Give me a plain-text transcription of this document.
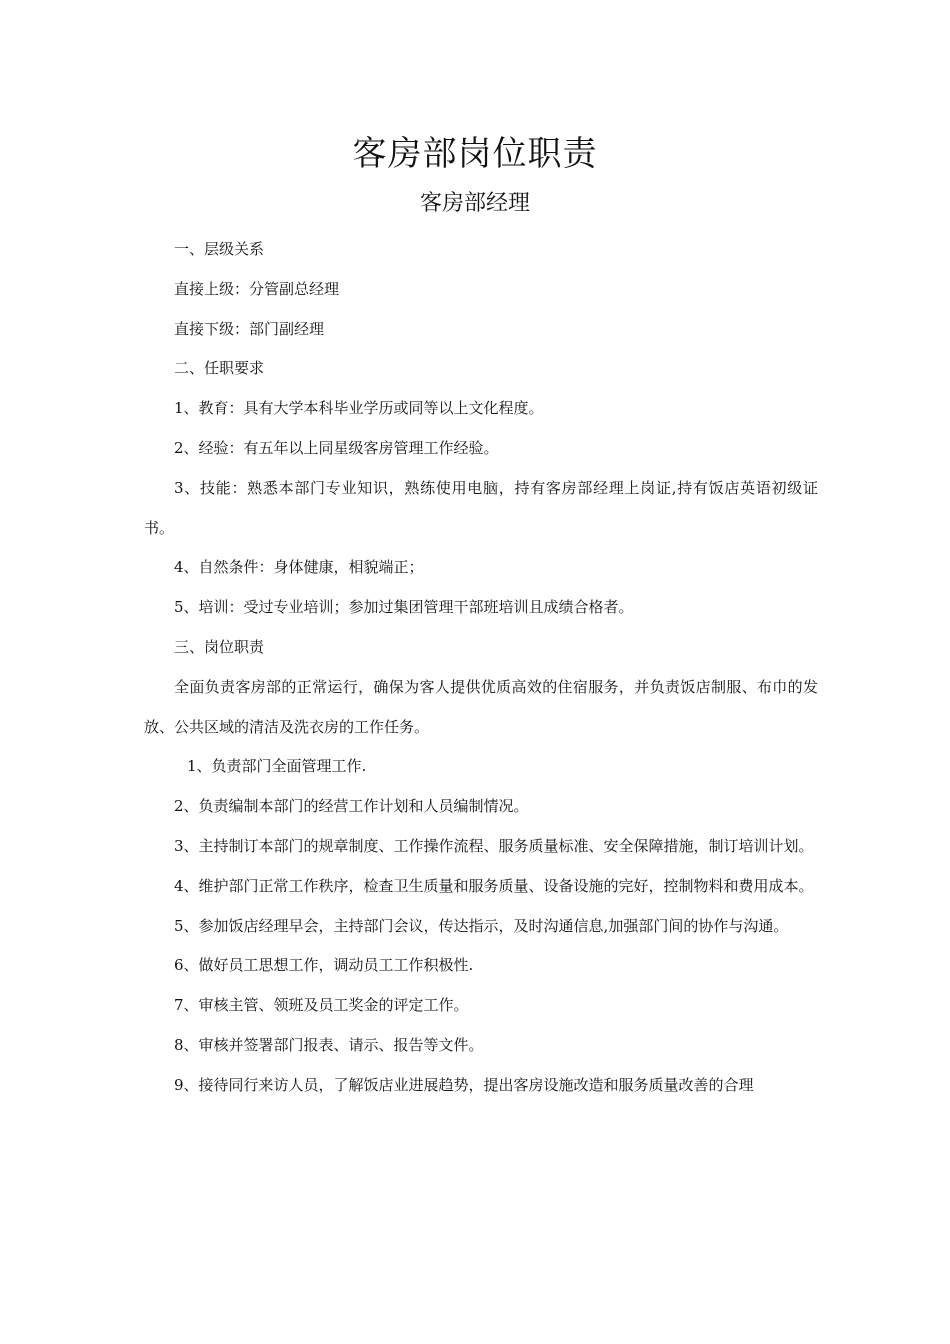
客房部岗位职责
客房部经理

一、层级关系

直接上级：分管副总经理

直接下级：部门副经理

二、任职要求

1、教育：具有大学本科毕业学历或同等以上文化程度。

2、经验：有五年以上同星级客房管理工作经验。

3、技能：熟悉本部门专业知识，熟练使用电脑，持有客房部经理上岗证,持有饭店英语初级证书。

4、自然条件：身体健康，相貌端正；

5、培训：受过专业培训；参加过集团管理干部班培训且成绩合格者。

三、岗位职责

全面负责客房部的正常运行，确保为客人提供优质高效的住宿服务，并负责饭店制服、布巾的发放、公共区域的清洁及洗衣房的工作任务。

1、负责部门全面管理工作.

2、负责编制本部门的经营工作计划和人员编制情况。

3、主持制订本部门的规章制度、工作操作流程、服务质量标准、安全保障措施，制订培训计划。

4、维护部门正常工作秩序，检查卫生质量和服务质量、设备设施的完好，控制物料和费用成本。

5、参加饭店经理早会，主持部门会议，传达指示，及时沟通信息,加强部门间的协作与沟通。

6、做好员工思想工作，调动员工工作积极性.

7、审核主管、领班及员工奖金的评定工作。

8、审核并签署部门报表、请示、报告等文件。

9、接待同行来访人员，了解饭店业进展趋势，提出客房设施改造和服务质量改善的合理
